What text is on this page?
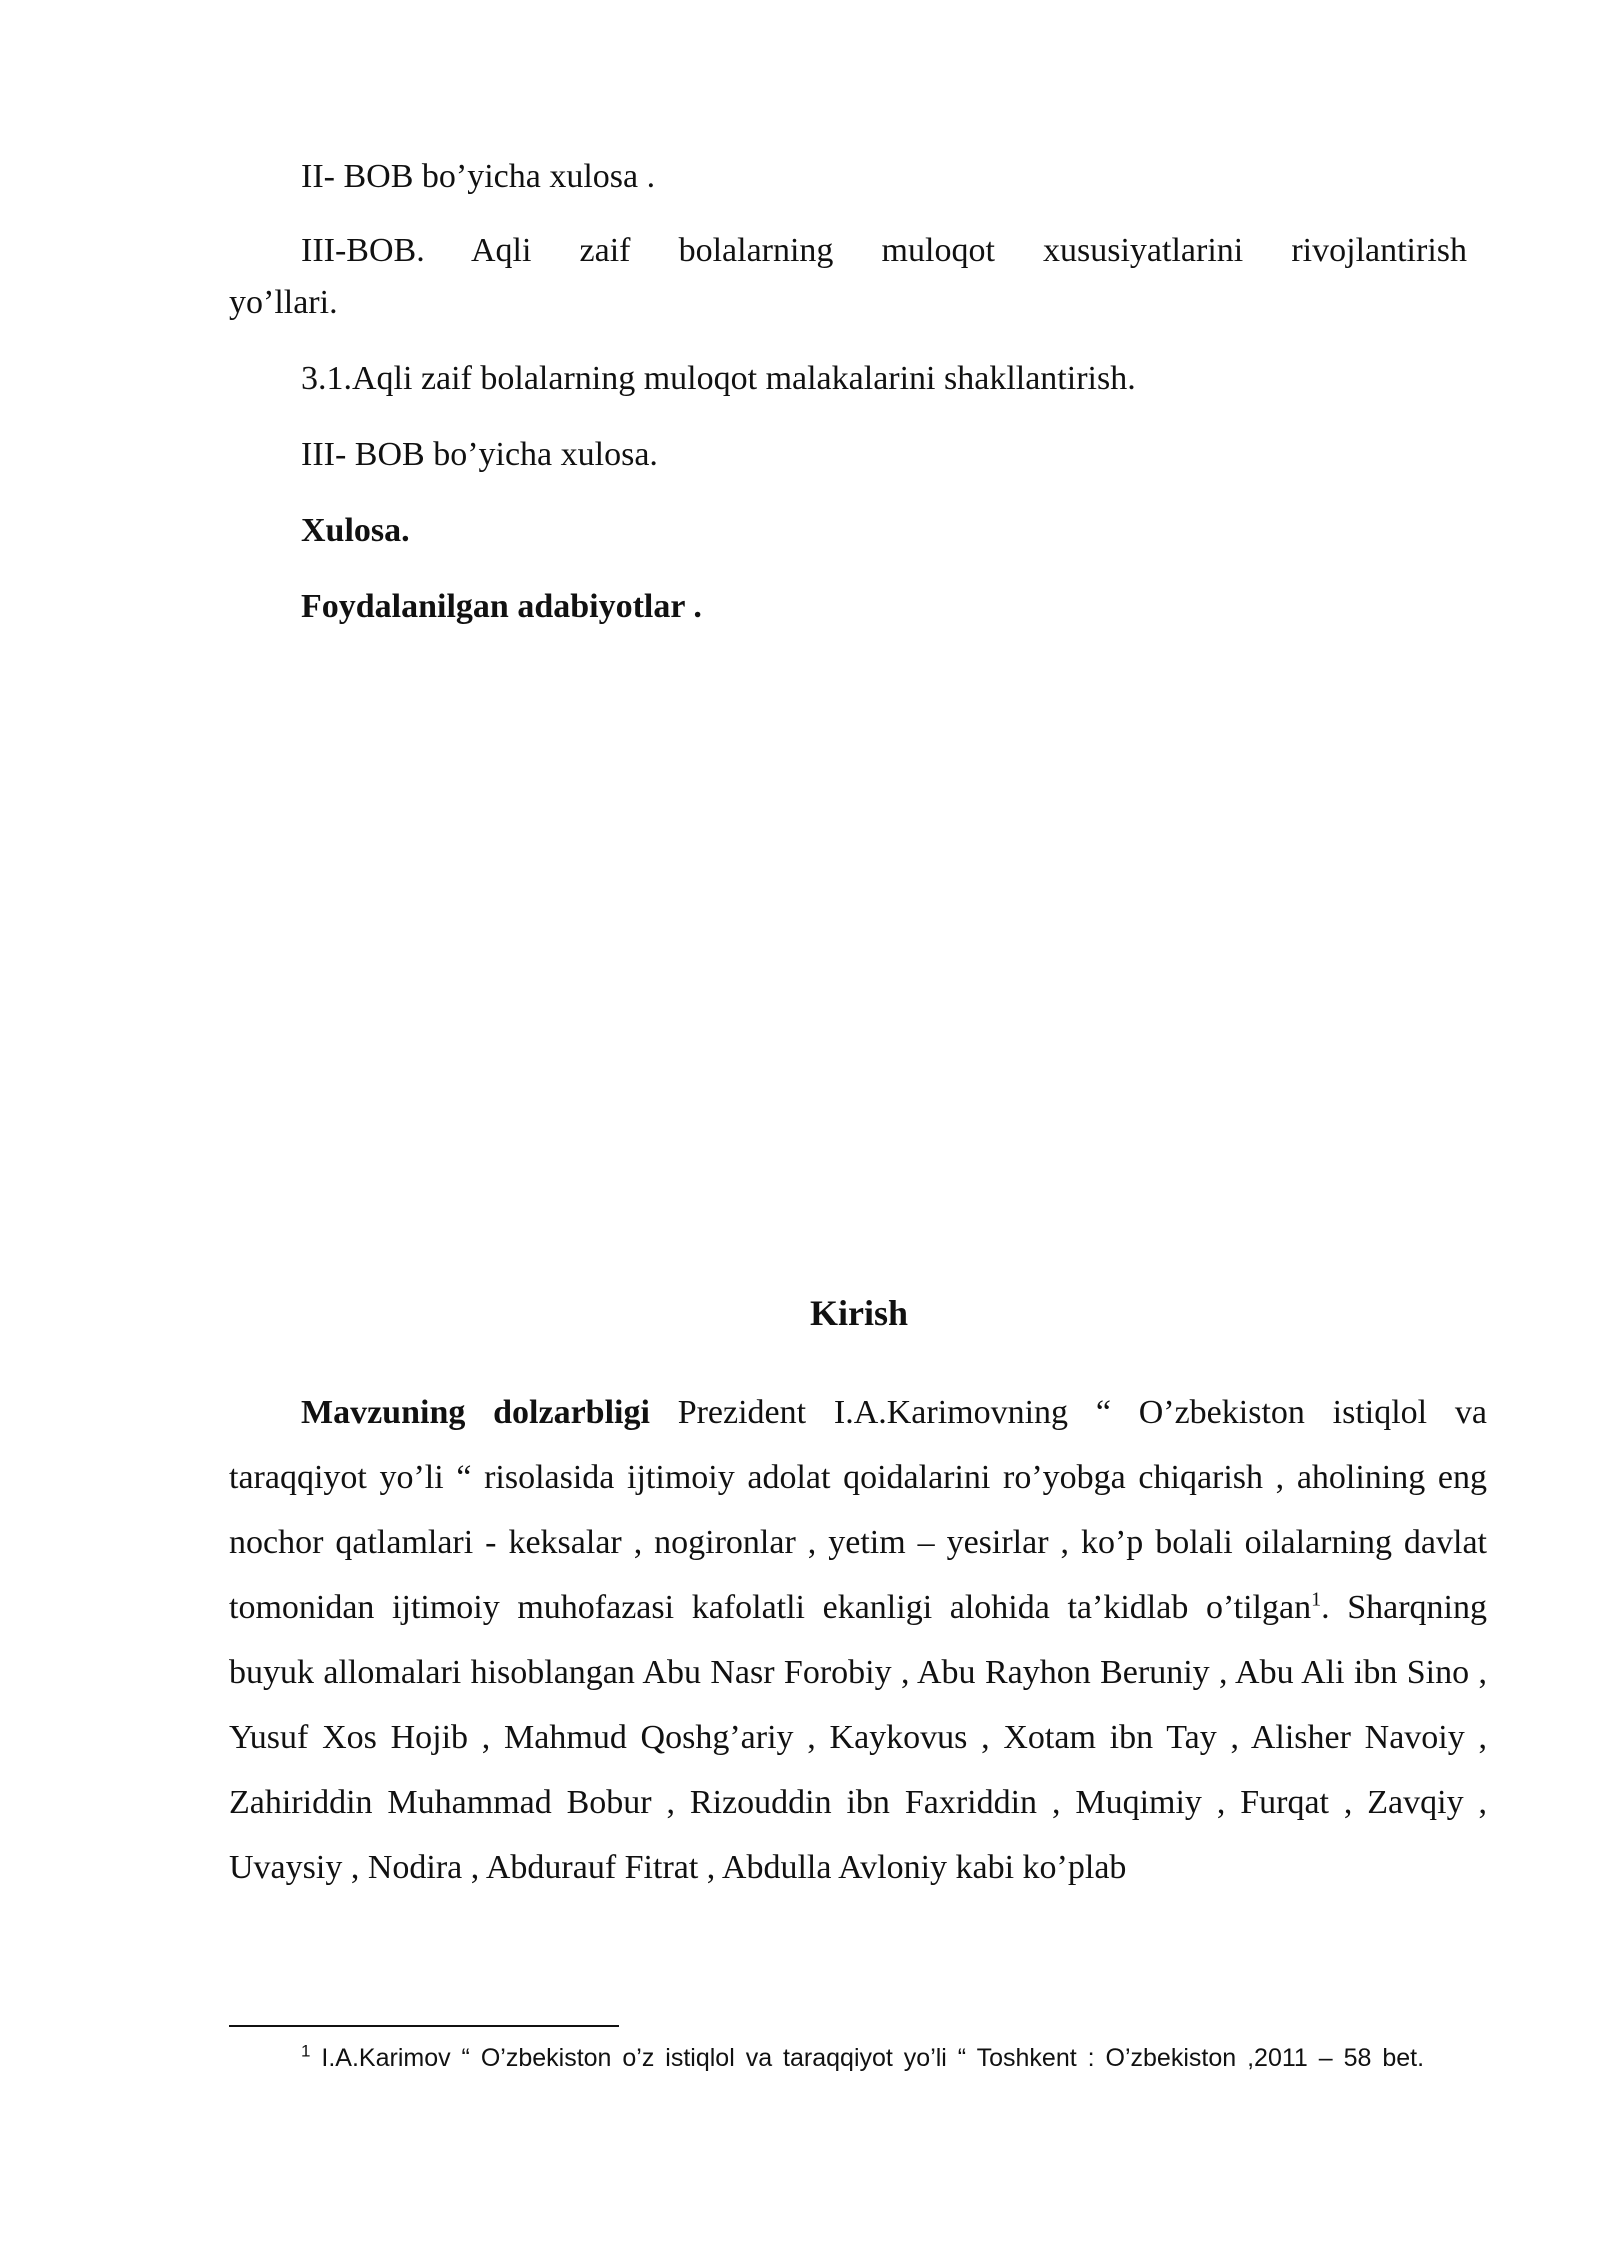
II- BOB bo’yicha xulosa .
III-BOB. Aqli zaif bolalarning muloqot xususiyatlarini rivojlantirish yo’llari.
3.1.Aqli zaif bolalarning muloqot malakalarini shakllantirish.
III- BOB bo’yicha xulosa.
Xulosa.
Foydalanilgan adabiyotlar .
Kirish
Mavzuning dolzarbligi Prezident I.A.Karimovning “ O’zbekiston istiqlol va taraqqiyot yo’li “ risolasida ijtimoiy adolat qoidalarini ro’yobga chiqarish , aholining eng nochor qatlamlari - keksalar , nogironlar , yetim – yesirlar , ko’p bolali oilalarning davlat tomonidan ijtimoiy muhofazasi kafolatli ekanligi alohida ta’kidlab o’tilgan$^1$. Sharqning buyuk allomalari hisoblangan Abu Nasr Forobiy , Abu Rayhon Beruniy , Abu Ali ibn Sino , Yusuf Xos Hojib , Mahmud Qoshg’ariy , Kaykovus , Xotam ibn Tay , Alisher Navoiy , Zahiriddin Muhammad Bobur , Rizouddin ibn Faxriddin , Muqimiy , Furqat , Zavqiy , Uvaysiy , Nodira , Abdurauf Fitrat , Abdulla Avloniy kabi ko’plab
$^1$ I.A.Karimov “ O’zbekiston o’z istiqlol va taraqqiyot yo’li “ Toshkent : O’zbekiston ,2011 – 58 bet.
